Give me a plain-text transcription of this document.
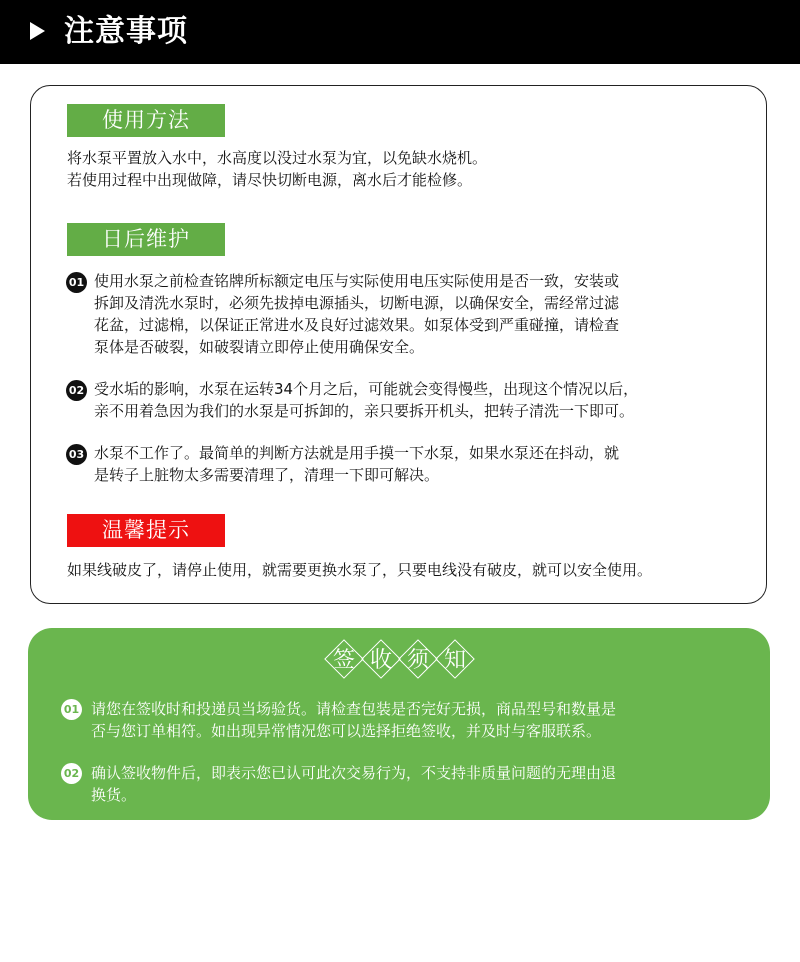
注意事项
使用方法
将水泵平置放入水中，水高度以没过水泵为宜，以免缺水烧机。
若使用过程中出现做障，请尽快切断电源，离水后才能检修。
日后维护
01 使用水泵之前检查铭牌所标额定电压与实际使用电压实际使用是否一致，安装或
拆卸及清洗水泵时，必须先拔掉电源插头，切断电源，以确保安全，需经常过滤
花盆，过滤棉，以保证正常进水及良好过滤效果。如泵体受到严重碰撞，请检查
泵体是否破裂，如破裂请立即停止使用确保安全。
02 受水垢的影响，水泵在运转34个月之后，可能就会变得慢些，出现这个情况以后，
亲不用着急因为我们的水泵是可拆卸的，亲只要拆开机头，把转子清洗一下即可。
03 水泵不工作了。最简单的判断方法就是用手摸一下水泵，如果水泵还在抖动，就
是转子上脏物太多需要清理了，清理一下即可解决。
温馨提示
如果线破皮了，请停止使用，就需要更换水泵了，只要电线没有破皮，就可以安全使用。
签 收 须 知
01 请您在签收时和投递员当场验货。请检查包装是否完好无损，商品型号和数量是
否与您订单相符。如出现异常情况您可以选择拒绝签收，并及时与客服联系。
02 确认签收物件后，即表示您已认可此次交易行为，不支持非质量问题的无理由退
换货。
